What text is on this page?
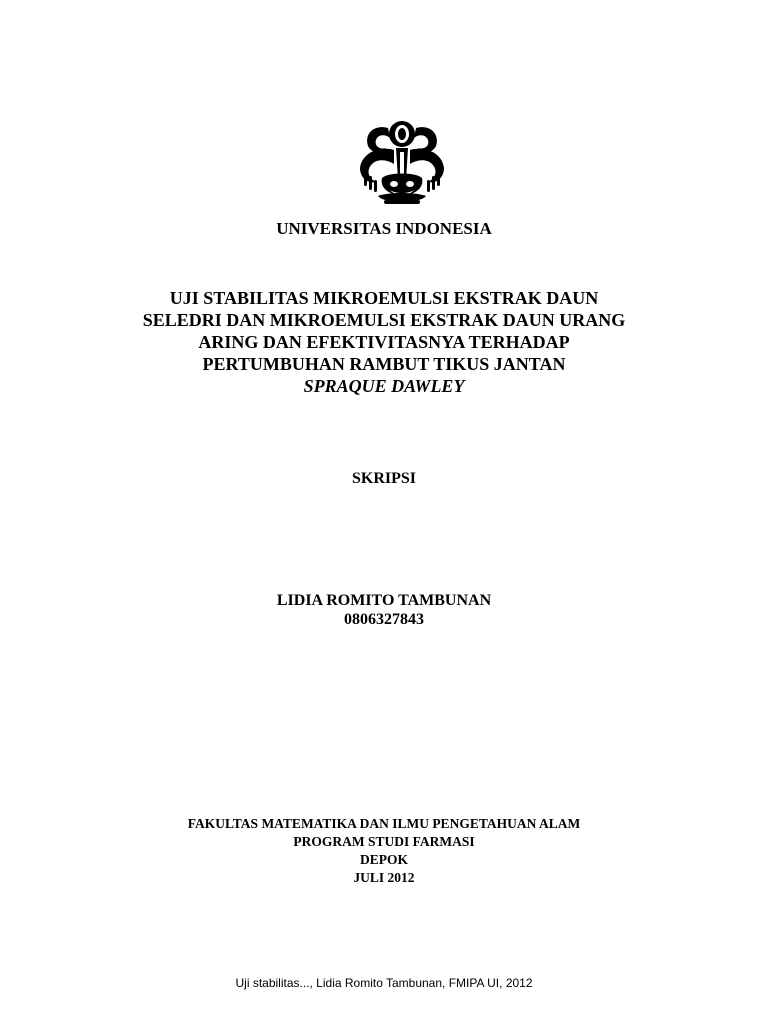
UNIVERSITAS INDONESIA
UJI STABILITAS MIKROEMULSI EKSTRAK DAUN
SELEDRI DAN MIKROEMULSI EKSTRAK DAUN URANG
ARING DAN EFEKTIVITASNYA TERHADAP
PERTUMBUHAN RAMBUT TIKUS JANTAN
SPRAQUE DAWLEY
SKRIPSI
LIDIA ROMITO TAMBUNAN
0806327843
FAKULTAS MATEMATIKA DAN ILMU PENGETAHUAN ALAM
PROGRAM STUDI FARMASI
DEPOK
JULI 2012
Uji stabilitas..., Lidia Romito Tambunan, FMIPA UI, 2012
